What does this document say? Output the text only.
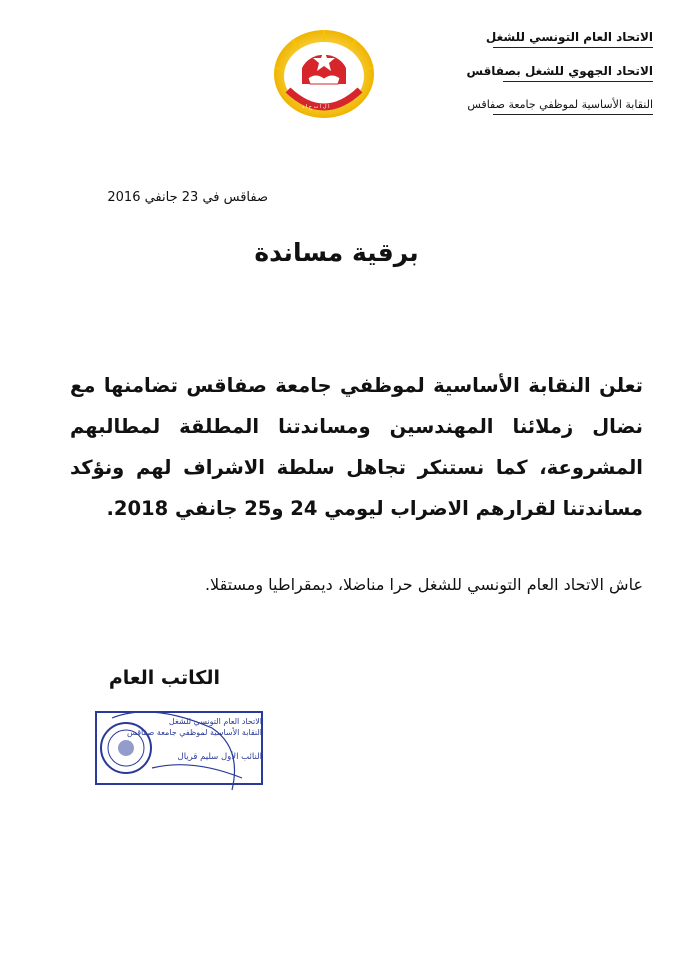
الاتحاد العام التونسي للشغل
الاتحاد الجهوي للشغل بصفاقس
النقابة الأساسية لموظفي جامعة صفاقس
ا ل ا ت ح ا د
صفاقس في 23 جانفي 2016
برقية مساندة

تعلن النقابة الأساسية لموظفي جامعة صفاقس تضامنها مع نضال زملائنا المهندسين ومساندتنا المطلقة لمطالبهم المشروعة، كما نستنكر تجاهل سلطة الاشراف لهم ونؤكد مساندتنا لقرارهم الاضراب ليومي 24 و25 جانفي 2018.

عاش الاتحاد العام التونسي للشغل حرا مناضلا، ديمقراطيا ومستقلا.
الكاتب العام
الاتحاد العام التونسي للشغل
النقابة الأساسية لموظفي جامعة صفاقس
النائب الأول سليم قريال
